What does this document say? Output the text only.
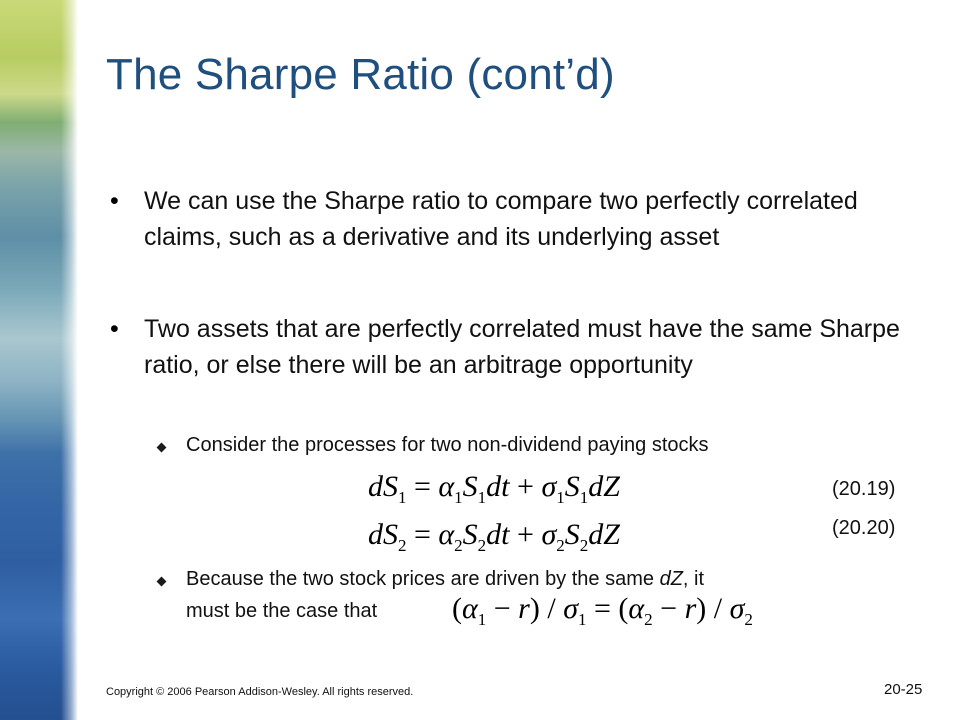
The Sharpe Ratio (cont’d)
• We can use the Sharpe ratio to compare two perfectly correlated claims, such as a derivative and its underlying asset
• Two assets that are perfectly correlated must have the same Sharpe ratio, or else there will be an arbitrage opportunity
Consider the processes for two non-dividend paying stocks
$dS_1 = \alpha_1S_1dt + \sigma_1S_1dZ$	(20.19)
$dS_2 = \alpha_2S_2dt + \sigma_2S_2dZ$	(20.20)
Because the two stock prices are driven by the same dZ, it
must be the case that $(\alpha_1 - r) / \sigma_1 = (\alpha_2 - r) / \sigma_2$
Copyright © 2006 Pearson Addison-Wesley. All rights reserved.	20-25
